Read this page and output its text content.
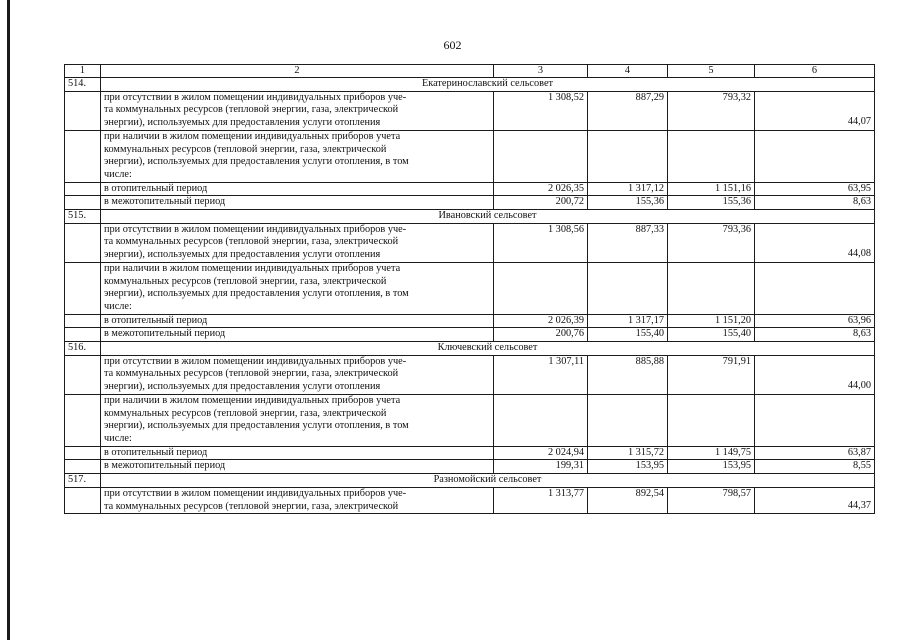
602
1	2	3	4	5	6
514.	Екатеринославский сельсовет				

	при отсутствии в жилом помещении индивидуальных приборов уче-
та коммунальных ресурсов (тепловой энергии, газа, электрической
энергии), используемых для предоставления услуги отопления	1 308,52	887,29	793,32	44,07

	при наличии в жилом помещении индивидуальных приборов учета
коммунальных ресурсов (тепловой энергии, газа, электрической
энергии), используемых для предоставления услуги отопления, в том
числе:				

	в отопительный период	2 026,35	1 317,12	1 151,16	63,95

	в межотопительный период	200,72	155,36	155,36	8,63
515.	Ивановский сельсовет				

	при отсутствии в жилом помещении индивидуальных приборов уче-
та коммунальных ресурсов (тепловой энергии, газа, электрической
энергии), используемых для предоставления услуги отопления	1 308,56	887,33	793,36	44,08

	при наличии в жилом помещении индивидуальных приборов учета
коммунальных ресурсов (тепловой энергии, газа, электрической
энергии), используемых для предоставления услуги отопления, в том
числе:				

	в отопительный период	2 026,39	1 317,17	1 151,20	63,96

	в межотопительный период	200,76	155,40	155,40	8,63
516.	Ключевский сельсовет				

	при отсутствии в жилом помещении индивидуальных приборов уче-
та коммунальных ресурсов (тепловой энергии, газа, электрической
энергии), используемых для предоставления услуги отопления	1 307,11	885,88	791,91	44,00

	при наличии в жилом помещении индивидуальных приборов учета
коммунальных ресурсов (тепловой энергии, газа, электрической
энергии), используемых для предоставления услуги отопления, в том
числе:				

	в отопительный период	2 024,94	1 315,72	1 149,75	63,87

	в межотопительный период	199,31	153,95	153,95	8,55
517.	Разномойский сельсовет				

	при отсутствии в жилом помещении индивидуальных приборов уче-
та коммунальных ресурсов (тепловой энергии, газа, электрической	1 313,77	892,54	798,57	44,37
